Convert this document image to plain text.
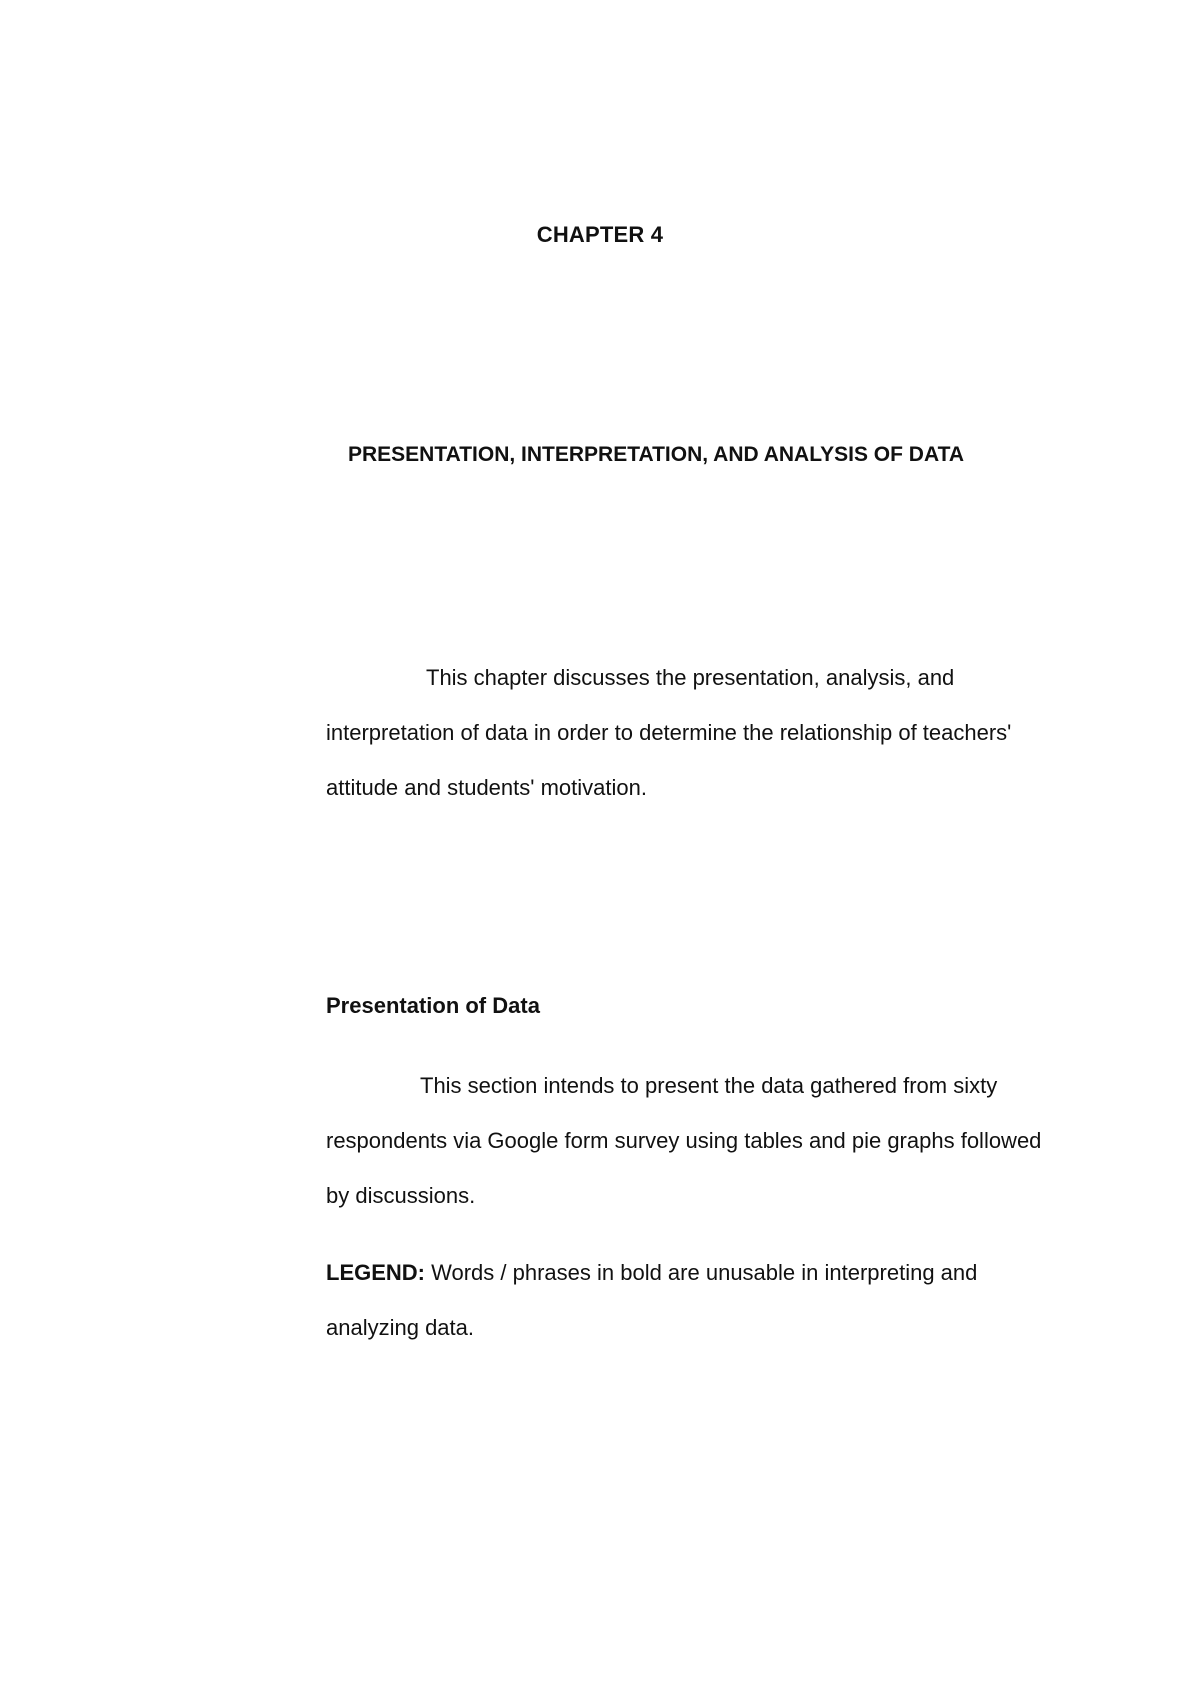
CHAPTER 4
PRESENTATION, INTERPRETATION, AND ANALYSIS OF DATA

This chapter discusses the presentation, analysis, and interpretation of data in order to determine the relationship of teachers' attitude and students' motivation.

Presentation of Data

This section intends to present the data gathered from sixty respondents via Google form survey using tables and pie graphs followed by discussions.

LEGEND: Words / phrases in bold are unusable in interpreting and analyzing data.
